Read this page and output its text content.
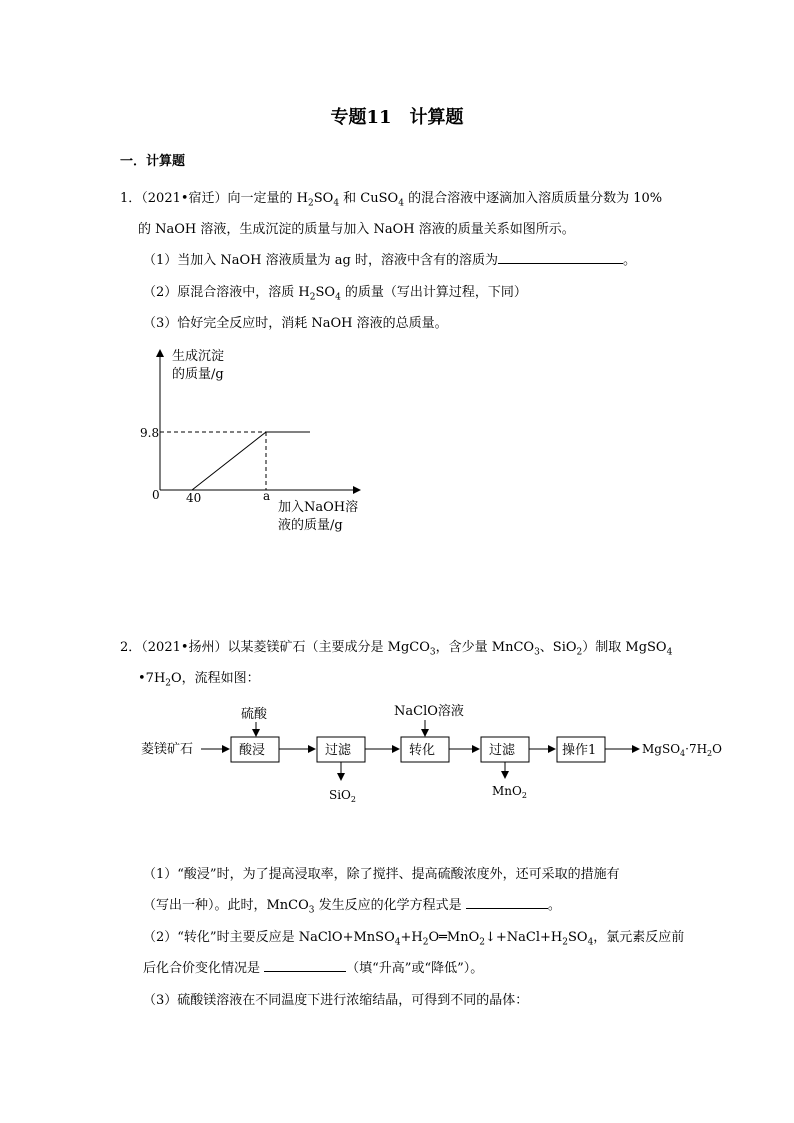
专题11　计算题
一．计算题
1．（2021•宿迁）向一定量的 $H_2SO_4$ 和 CuSO$_4$ 的混合溶液中逐滴加入溶质质量分数为 10%
的 NaOH 溶液，生成沉淀的质量与加入 NaOH 溶液的质量关系如图所示。
（1）当加入 NaOH 溶液质量为 ag 时，溶液中含有的溶质为	。
（2）原混合溶液中，溶质 $H_2SO_4$ 的质量（写出计算过程，下同）
（3）恰好完全反应时，消耗 NaOH 溶液的总质量。
生成沉淀
的质量/g
9.8
0 40	a
加入NaOH溶
液的质量/g
2．（2021•扬州）以某菱镁矿石（主要成分是 MgCO$_3$，含少量 MnCO$_3$、SiO$_2$）制取 MgSO$_4$
$•7H_2O$，流程如图：
菱镁矿石
硫酸
酸浸	过滤
SiO$_2$
NaClO溶液
转化	过滤
MnO$_2$
操作1	$MgSO_4\cdot 7H_2O$
（1）“酸浸”时，为了提高浸取率，除了搅拌、提高硫酸浓度外，还可采取的措施有
（写出一种）。此时，MnCO$_3$ 发生反应的化学方程式是	。
（2）“转化”时主要反应是 $NaClO+MnSO_4+H_2O═MnO_2↓+NaCl+H_2SO_4$，氯元素反应前
后化合价变化情况是	（填“升高”或“降低”）。
（3）硫酸镁溶液在不同温度下进行浓缩结晶，可得到不同的晶体：
